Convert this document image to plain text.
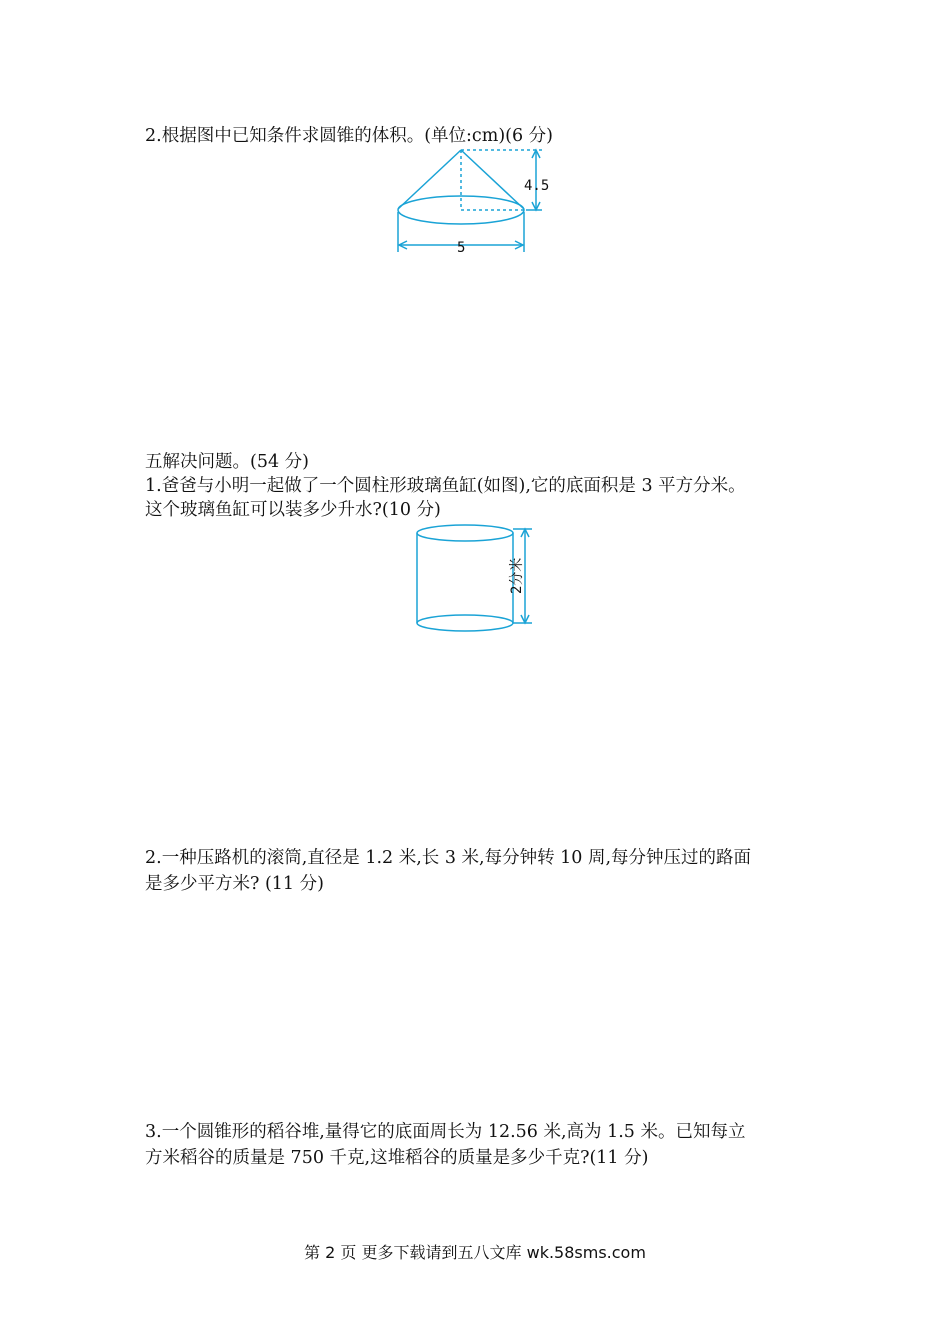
2.根据图中已知条件求圆锥的体积。(单位:cm)(6 分)
4.5
5
五解决问题。(54 分)
1.爸爸与小明一起做了一个圆柱形玻璃鱼缸(如图),它的底面积是 3 平方分米。
这个玻璃鱼缸可以装多少升水?(10 分)
2分米
2.一种压路机的滚筒,直径是 1.2 米,长 3 米,每分钟转 10 周,每分钟压过的路面
是多少平方米? (11 分)
3.一个圆锥形的稻谷堆,量得它的底面周长为 12.56 米,高为 1.5 米。已知每立
方米稻谷的质量是 750 千克,这堆稻谷的质量是多少千克?(11 分)
第 2 页 更多下载请到五八文库 wk.58sms.com
